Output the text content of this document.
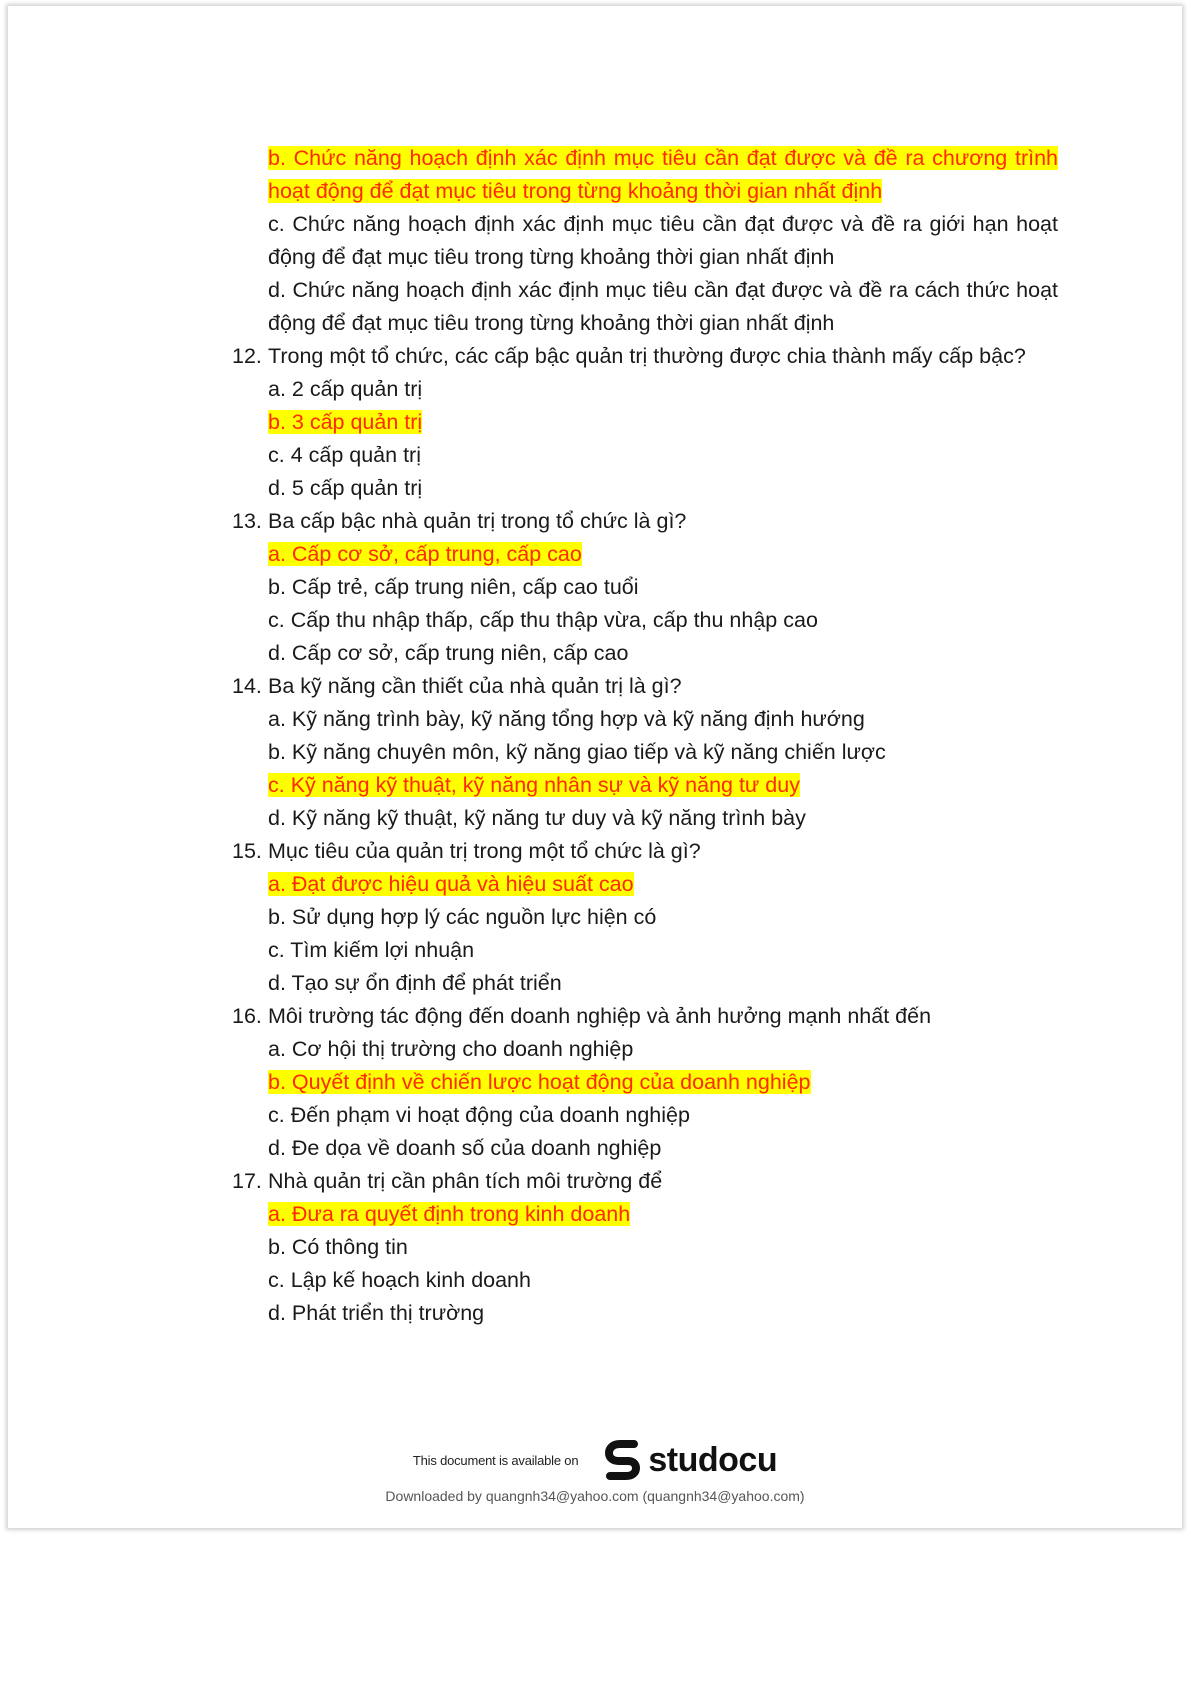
b. Chức năng hoạch định xác định mục tiêu cần đạt được và đề ra chương trình hoạt động để đạt mục tiêu trong từng khoảng thời gian nhất định
c. Chức năng hoạch định xác định mục tiêu cần đạt được và đề ra giới hạn hoạt động để đạt mục tiêu trong từng khoảng thời gian nhất định
d. Chức năng hoạch định xác định mục tiêu cần đạt được và đề ra cách thức hoạt động để đạt mục tiêu trong từng khoảng thời gian nhất định
12. Trong một tổ chức, các cấp bậc quản trị thường được chia thành mấy cấp bậc?
a. 2 cấp quản trị
b. 3 cấp quản trị
c. 4 cấp quản trị
d. 5 cấp quản trị
13. Ba cấp bậc nhà quản trị trong tổ chức là gì?
a. Cấp cơ sở, cấp trung, cấp cao
b. Cấp trẻ, cấp trung niên, cấp cao tuổi
c. Cấp thu nhập thấp, cấp thu thập vừa, cấp thu nhập cao
d. Cấp cơ sở, cấp trung niên, cấp cao
14. Ba kỹ năng cần thiết của nhà quản trị là gì?
a. Kỹ năng trình bày, kỹ năng tổng hợp và kỹ năng định hướng
b. Kỹ năng chuyên môn, kỹ năng giao tiếp và kỹ năng chiến lược
c. Kỹ năng kỹ thuật, kỹ năng nhân sự và kỹ năng tư duy
d. Kỹ năng kỹ thuật, kỹ năng tư duy và kỹ năng trình bày
15. Mục tiêu của quản trị trong một tổ chức là gì?
a. Đạt được hiệu quả và hiệu suất cao
b. Sử dụng hợp lý các nguồn lực hiện có
c. Tìm kiếm lợi nhuận
d. Tạo sự ổn định để phát triển
16. Môi trường tác động đến doanh nghiệp và ảnh hưởng mạnh nhất đến
a. Cơ hội thị trường cho doanh nghiệp
b. Quyết định về chiến lược hoạt động của doanh nghiệp
c. Đến phạm vi hoạt động của doanh nghiệp
d. Đe dọa về doanh số của doanh nghiệp
17. Nhà quản trị cần phân tích môi trường để
a. Đưa ra quyết định trong kinh doanh
b. Có thông tin
c. Lập kế hoạch kinh doanh
d. Phát triển thị trường
This document is available on studocu
Downloaded by quangnh34@yahoo.com (quangnh34@yahoo.com)
